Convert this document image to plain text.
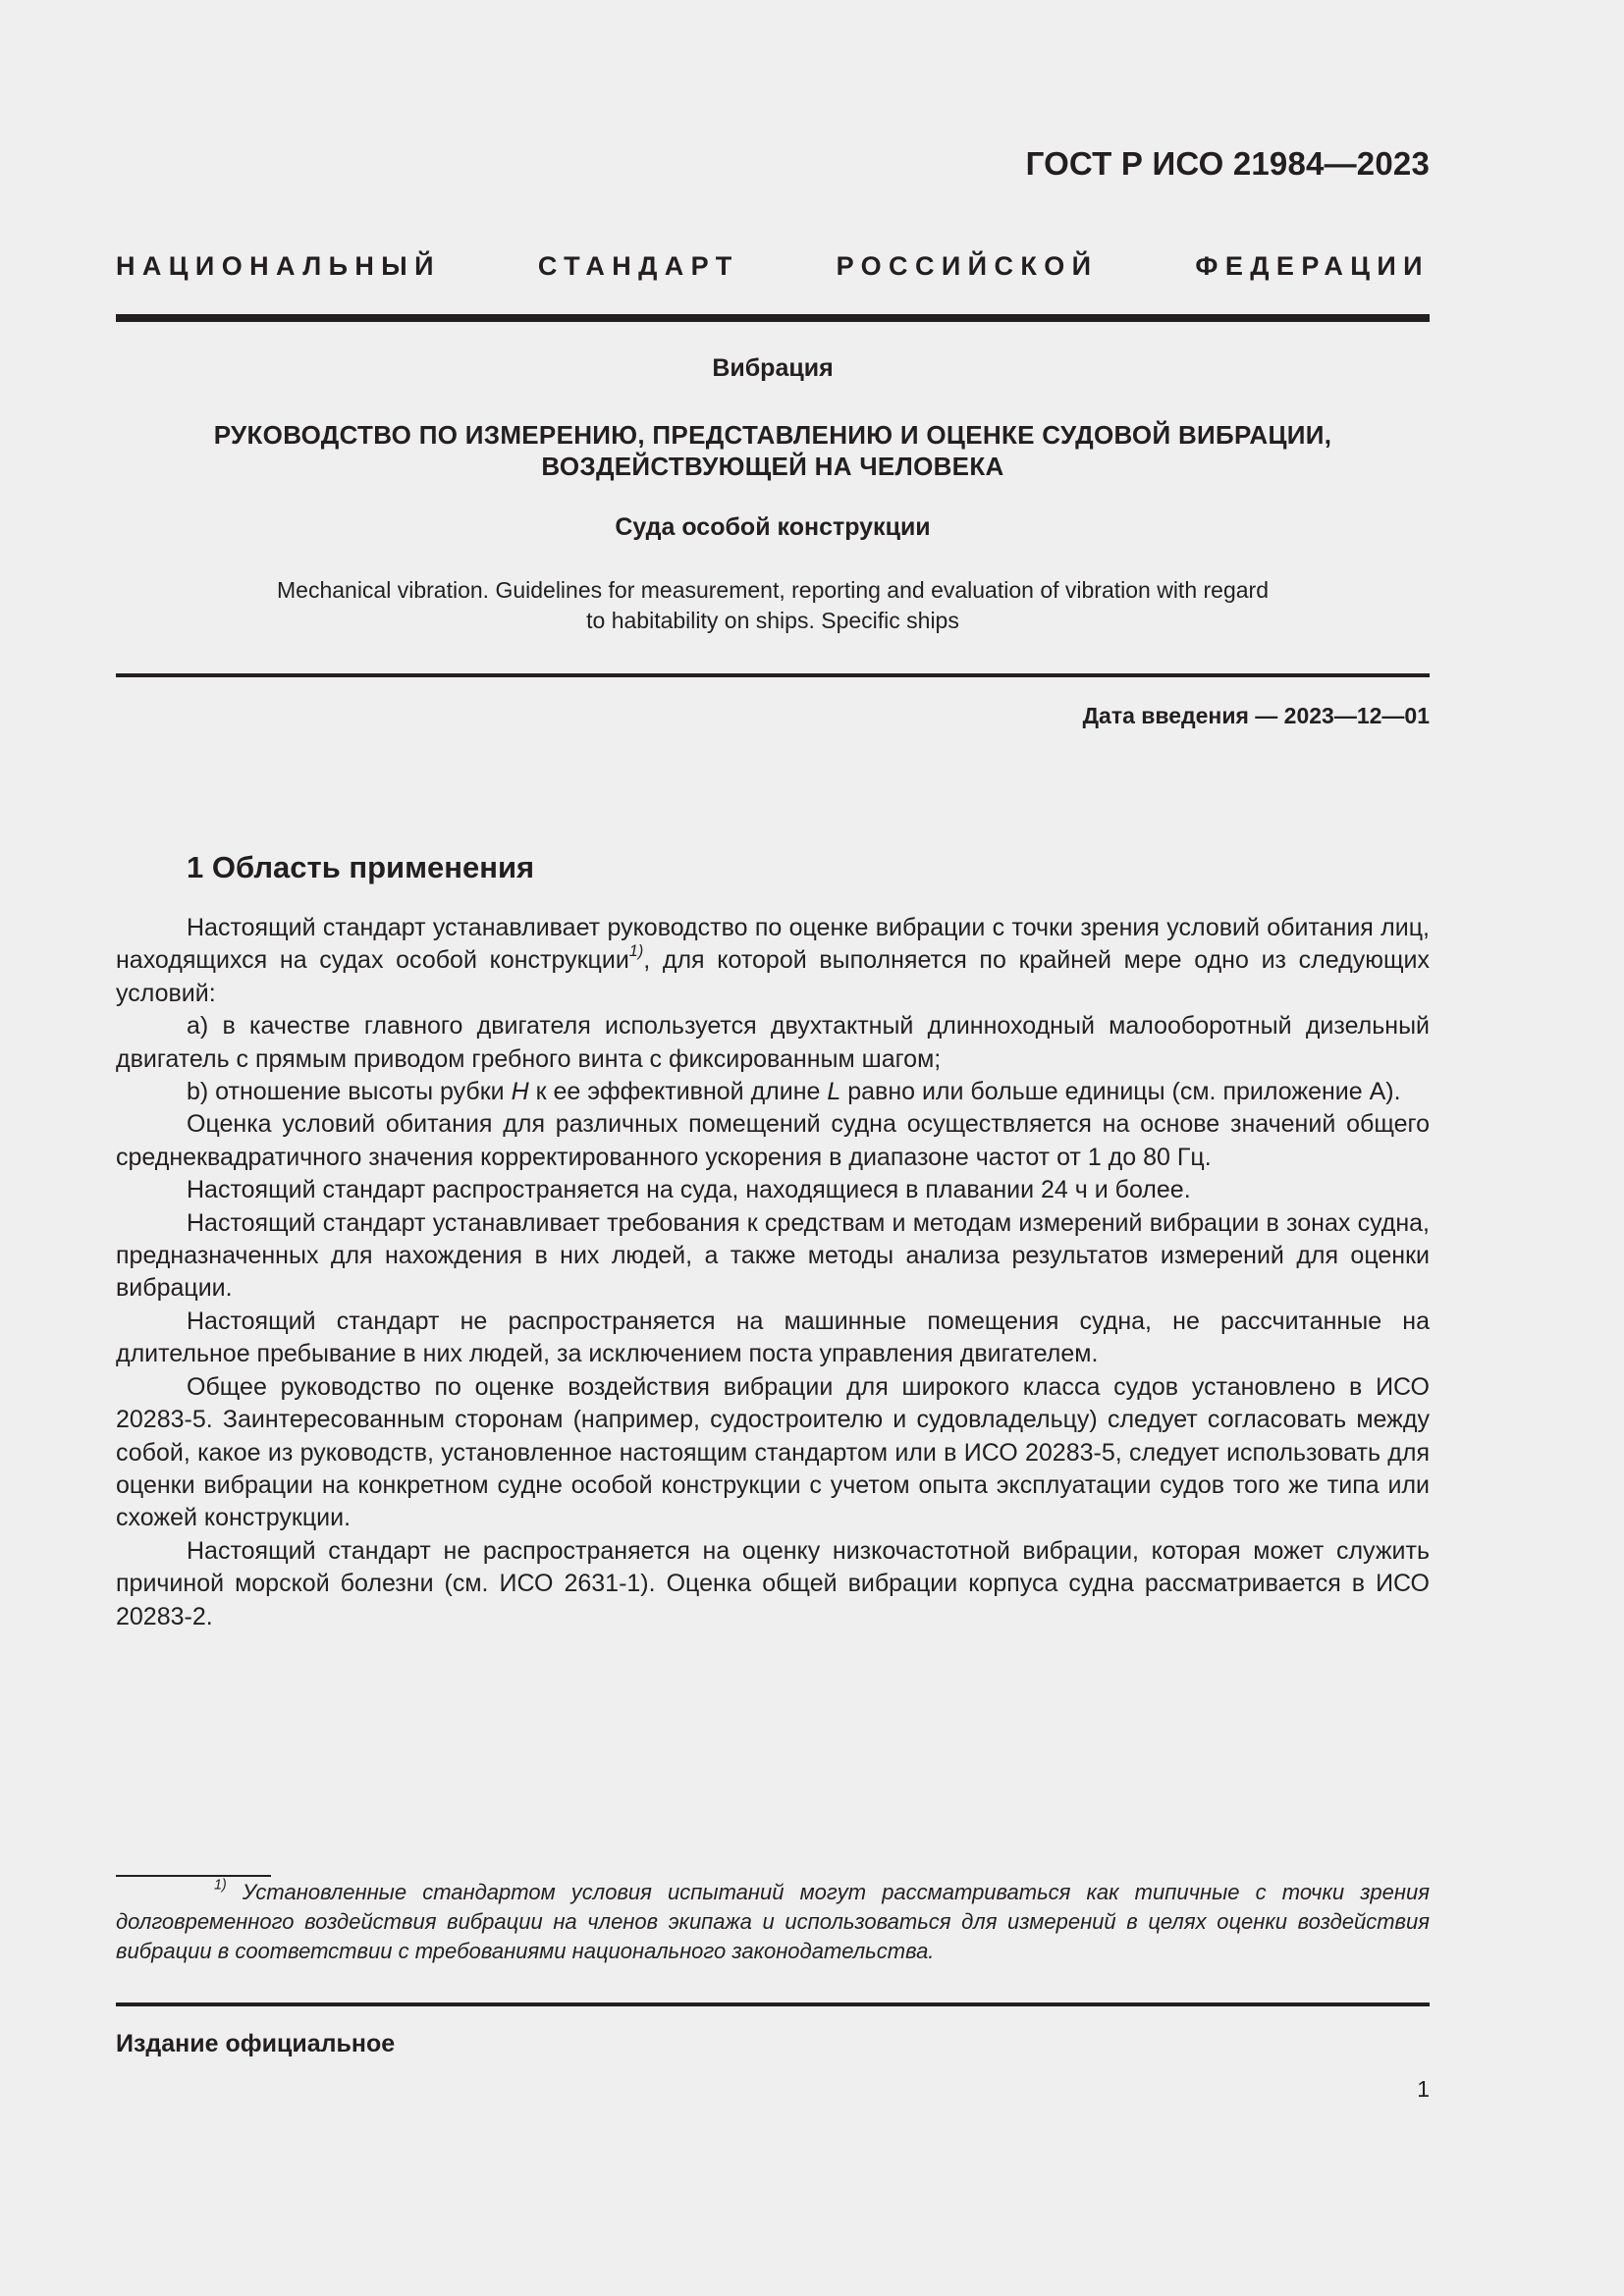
ГОСТ Р ИСО 21984—2023
НАЦИОНАЛЬНЫЙ СТАНДАРТ РОССИЙСКОЙ ФЕДЕРАЦИИ
Вибрация
РУКОВОДСТВО ПО ИЗМЕРЕНИЮ, ПРЕДСТАВЛЕНИЮ И ОЦЕНКЕ СУДОВОЙ ВИБРАЦИИ,
ВОЗДЕЙСТВУЮЩЕЙ НА ЧЕЛОВЕКА
Суда особой конструкции
Mechanical vibration. Guidelines for measurement, reporting and evaluation of vibration with regard
to habitability on ships. Specific ships
Дата введения — 2023—12—01
1 Область применения

Настоящий стандарт устанавливает руководство по оценке вибрации с точки зрения условий обитания лиц, находящихся на судах особой конструкции$^{1)}$, для которой выполняется по крайней мере одно из следующих условий:

a) в качестве главного двигателя используется двухтактный длинноходный малооборотный дизельный двигатель с прямым приводом гребного винта с фиксированным шагом;

b) отношение высоты рубки H к ее эффективной длине L равно или больше единицы (см. приложение А).

Оценка условий обитания для различных помещений судна осуществляется на основе значений общего среднеквадратичного значения корректированного ускорения в диапазоне частот от 1 до 80 Гц.

Настоящий стандарт распространяется на суда, находящиеся в плавании 24 ч и более.

Настоящий стандарт устанавливает требования к средствам и методам измерений вибрации в зонах судна, предназначенных для нахождения в них людей, а также методы анализа результатов измерений для оценки вибрации.

Настоящий стандарт не распространяется на машинные помещения судна, не рассчитанные на длительное пребывание в них людей, за исключением поста управления двигателем.

Общее руководство по оценке воздействия вибрации для широкого класса судов установлено в ИСО 20283-5. Заинтересованным сторонам (например, судостроителю и судовладельцу) следует согласовать между собой, какое из руководств, установленное настоящим стандартом или в ИСО 20283-5, следует использовать для оценки вибрации на конкретном судне особой конструкции с учетом опыта эксплуатации судов того же типа или схожей конструкции.

Настоящий стандарт не распространяется на оценку низкочастотной вибрации, которая может служить причиной морской болезни (см. ИСО 2631-1). Оценка общей вибрации корпуса судна рассматривается в ИСО 20283-2.

$^{1)}$ Установленные стандартом условия испытаний могут рассматриваться как типичные с точки зрения долговременного воздействия вибрации на членов экипажа и использоваться для измерений в целях оценки воздействия вибрации в соответствии с требованиями национального законодательства.

Издание официальное
1
